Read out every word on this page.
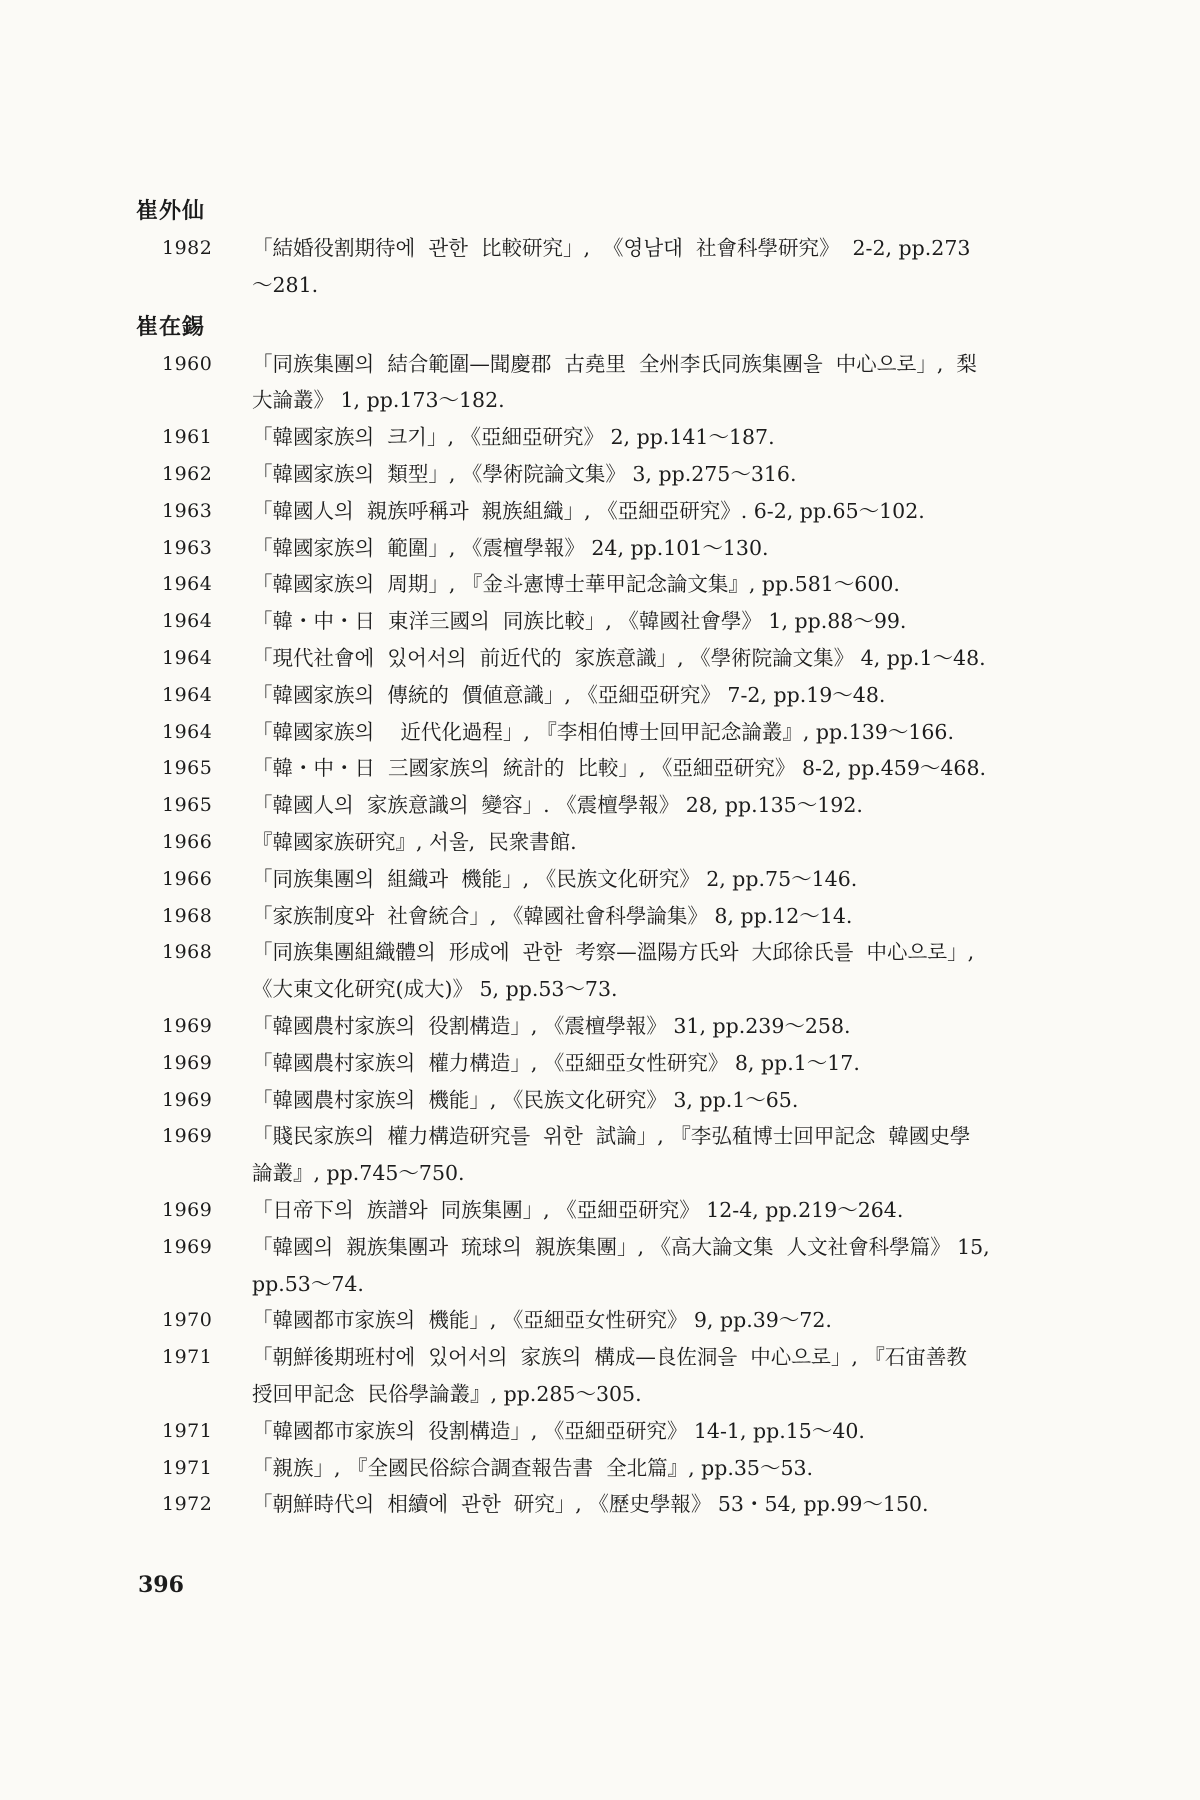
崔外仙
1982	「結婚役割期待에  관한  比較研究」,  《영남대  社會科學研究》  2-2, pp.273
～281.
崔在錫
1960	「同族集團의  結合範圍—聞慶郡  古堯里  全州李氏同族集團을  中心으로」,  梨
大論叢》 1, pp.173～182.
1961	「韓國家族의  크기」, 《亞細亞研究》 2, pp.141～187.
1962	「韓國家族의  類型」, 《學術院論文集》 3, pp.275～316.
1963	「韓國人의  親族呼稱과  親族組織」, 《亞細亞研究》. 6-2, pp.65～102.
1963	「韓國家族의  範圍」, 《震檀學報》 24, pp.101～130.
1964	「韓國家族의  周期」, 『金斗憲博士華甲記念論文集』, pp.581～600.
1964	「韓・中・日  東洋三國의  同族比較」, 《韓國社會學》 1, pp.88～99.
1964	「現代社會에  있어서의  前近代的  家族意識」, 《學術院論文集》 4, pp.1～48.
1964	「韓國家族의  傳統的  價値意識」, 《亞細亞研究》 7-2, pp.19～48.
1964	「韓國家族의    近代化過程」, 『李相伯博士回甲記念論叢』, pp.139～166.
1965	「韓・中・日  三國家族의  統計的  比較」, 《亞細亞研究》 8-2, pp.459～468.
1965	「韓國人의  家族意識의  變容」. 《震檀學報》 28, pp.135～192.
1966	『韓國家族研究』, 서울,  民衆書館.
1966	「同族集團의  組織과  機能」, 《民族文化研究》 2, pp.75～146.
1968	「家族制度와  社會統合」, 《韓國社會科學論集》 8, pp.12～14.
1968	「同族集團組織體의  形成에  관한  考察—溫陽方氏와  大邱徐氏를  中心으로」,
《大東文化研究(成大)》 5, pp.53～73.
1969	「韓國農村家族의  役割構造」, 《震檀學報》 31, pp.239～258.
1969	「韓國農村家族의  權力構造」, 《亞細亞女性研究》 8, pp.1～17.
1969	「韓國農村家族의  機能」, 《民族文化研究》 3, pp.1～65.
1969	「賤民家族의  權力構造研究를  위한  試論」, 『李弘稙博士回甲記念  韓國史學
論叢』, pp.745～750.
1969	「日帝下의  族譜와  同族集團」, 《亞細亞研究》 12-4, pp.219～264.
1969	「韓國의  親族集團과  琉球의  親族集團」, 《高大論文集  人文社會科學篇》 15,
pp.53～74.
1970	「韓國都市家族의  機能」, 《亞細亞女性研究》 9, pp.39～72.
1971	「朝鮮後期班村에  있어서의  家族의  構成—良佐洞을  中心으로」, 『石宙善教
授回甲記念  民俗學論叢』, pp.285～305.
1971	「韓國都市家族의  役割構造」, 《亞細亞研究》 14-1, pp.15～40.
1971	「親族」, 『全國民俗綜合調查報告書  全北篇』, pp.35～53.
1972	「朝鮮時代의  相續에  관한  研究」, 《歷史學報》 53・54, pp.99～150.
396
